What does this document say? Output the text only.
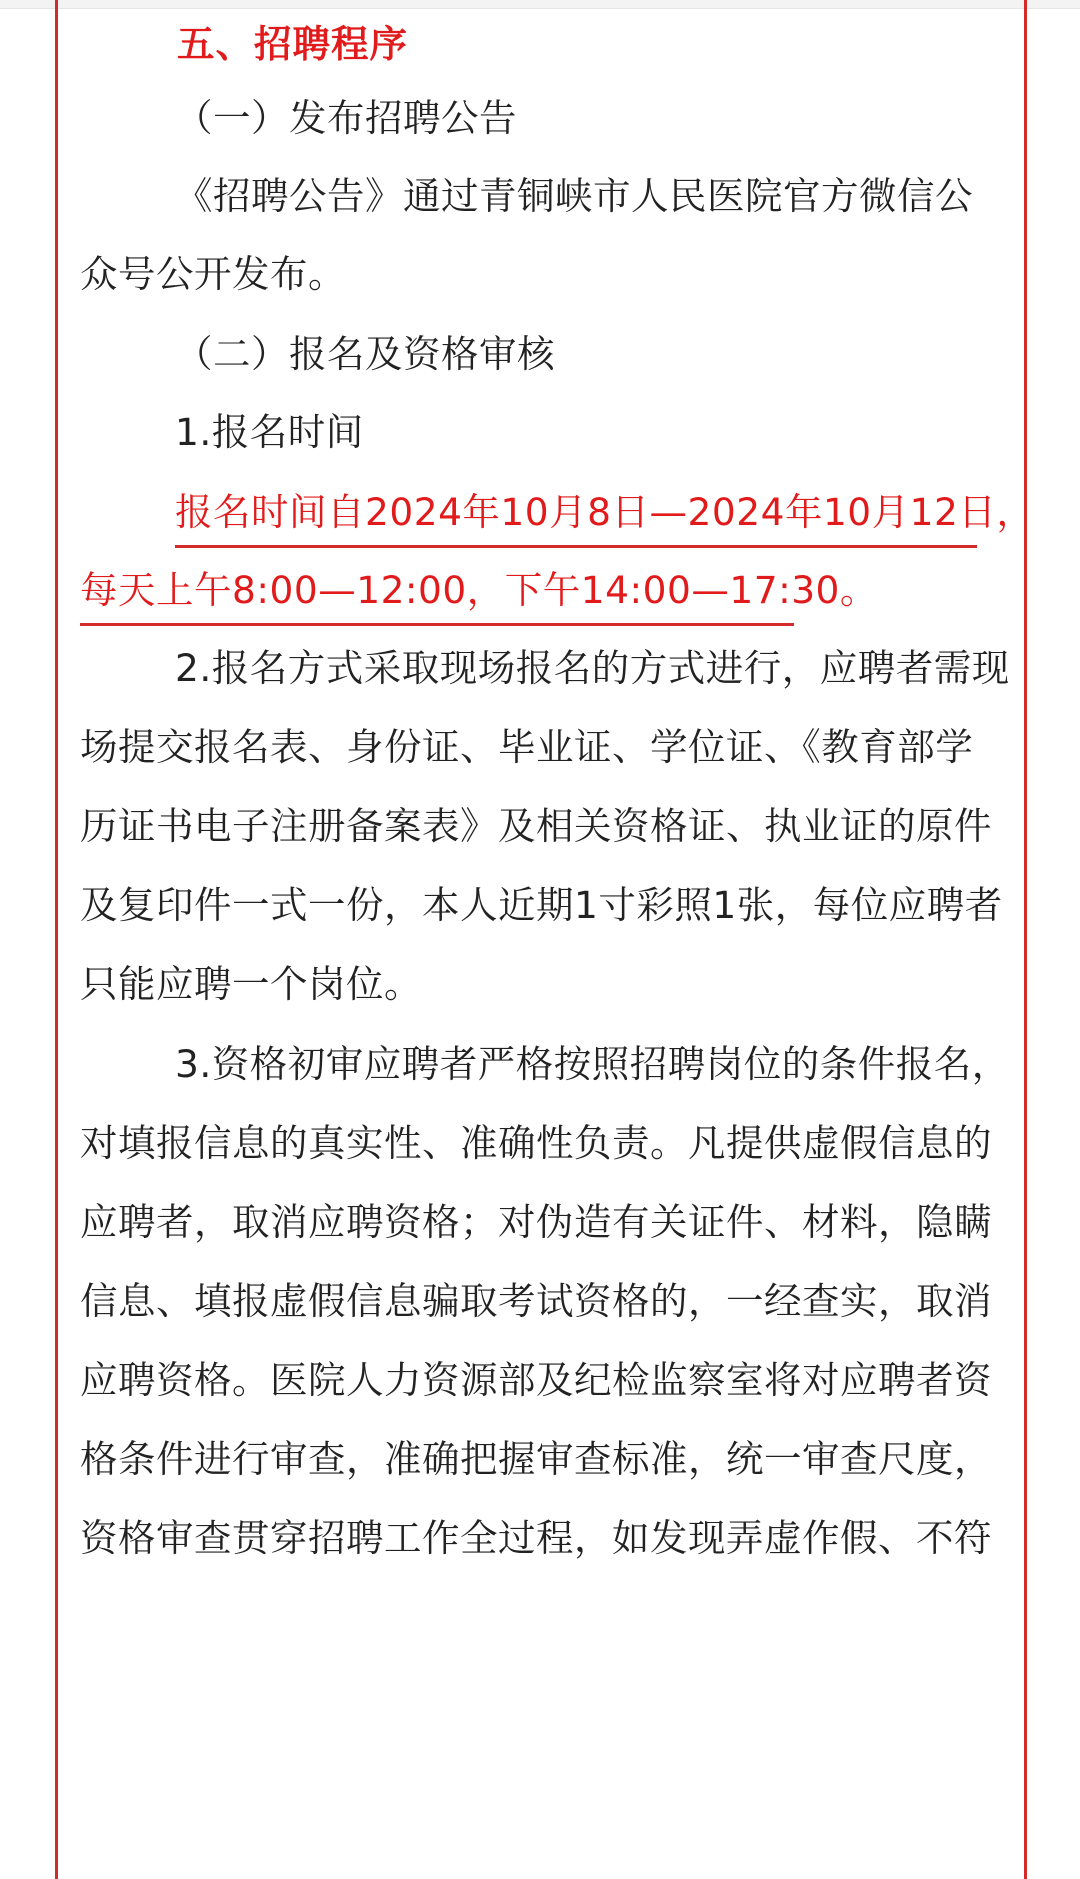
五、招聘程序
（一）发布招聘公告
《招聘公告》通过青铜峡市人民医院官方微信公
众号公开发布。
（二）报名及资格审核
1.报名时间
报名时间自2024年10月8日—2024年10月12日，
每天上午8:00—12:00，下午14:00—17:30。
2.报名方式采取现场报名的方式进行，应聘者需现
场提交报名表、身份证、毕业证、学位证、《教育部学
历证书电子注册备案表》及相关资格证、执业证的原件
及复印件一式一份，本人近期1寸彩照1张，每位应聘者
只能应聘一个岗位。
3.资格初审应聘者严格按照招聘岗位的条件报名，
对填报信息的真实性、准确性负责。凡提供虚假信息的
应聘者，取消应聘资格；对伪造有关证件、材料，隐瞒
信息、填报虚假信息骗取考试资格的，一经查实，取消
应聘资格。医院人力资源部及纪检监察室将对应聘者资
格条件进行审查，准确把握审查标准，统一审查尺度，
资格审查贯穿招聘工作全过程，如发现弄虚作假、不符
